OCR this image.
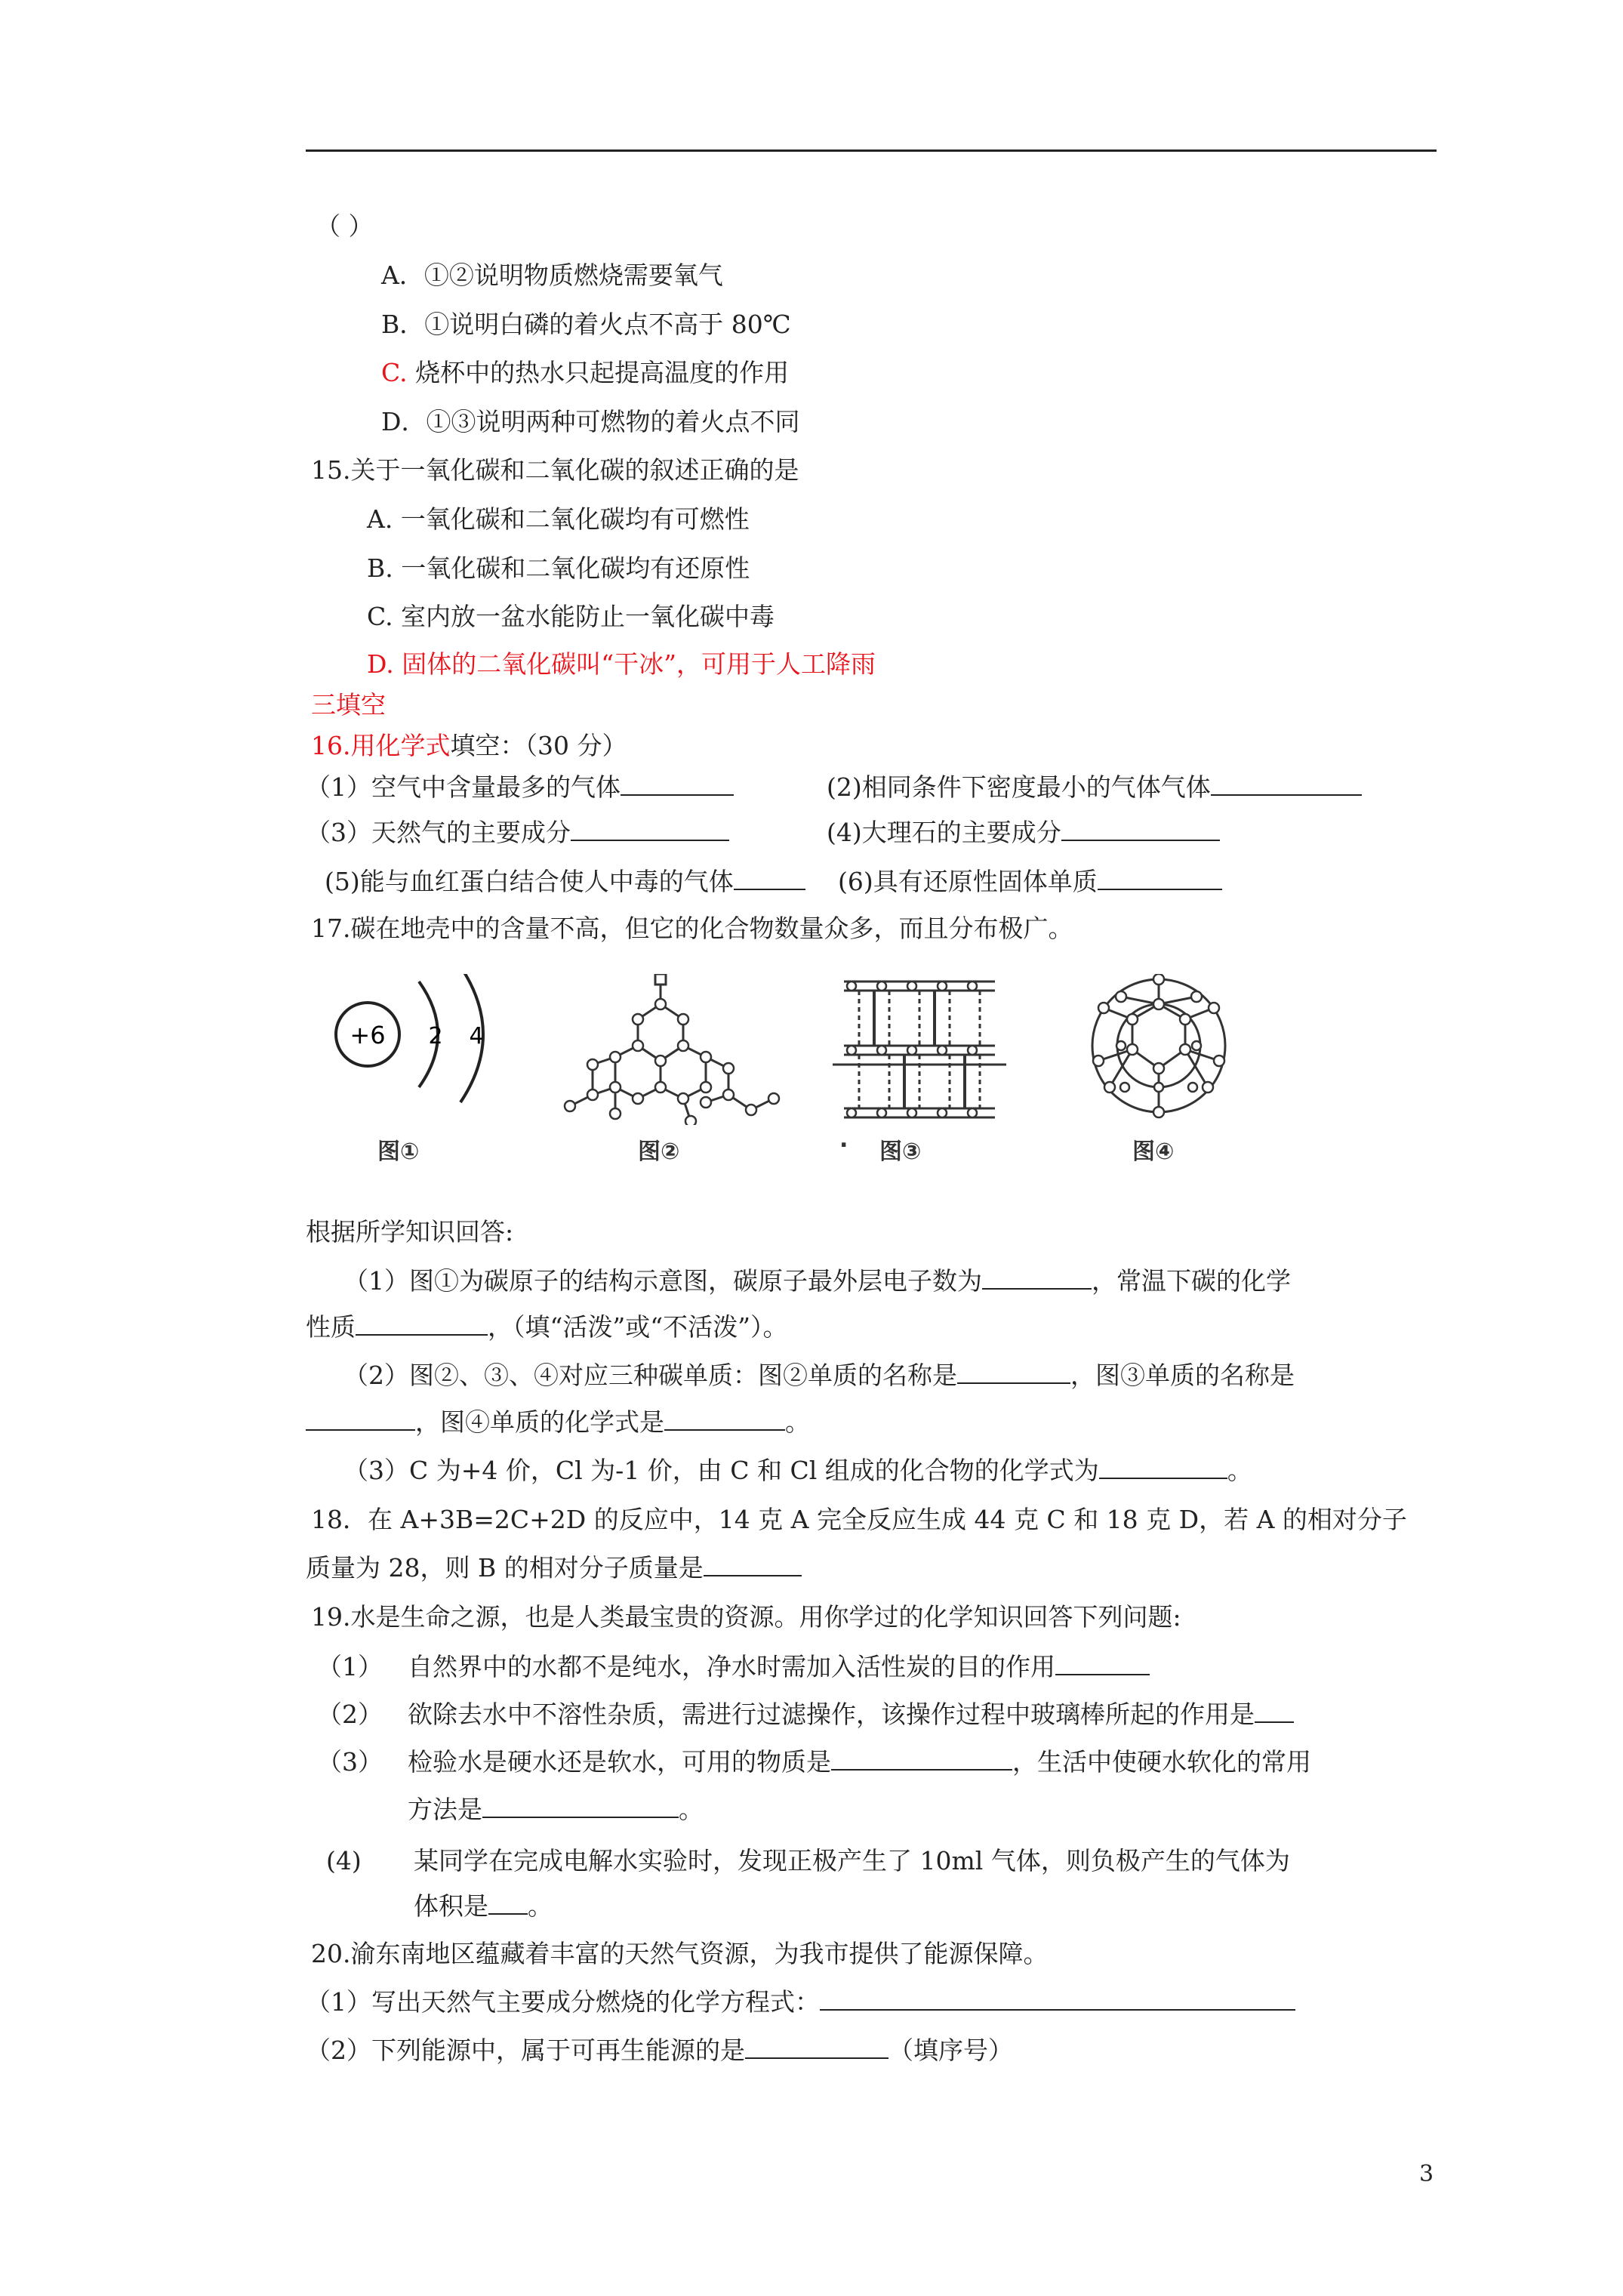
（ ）
A．①②说明物质燃烧需要氧气
B．①说明白磷的着火点不高于 80℃
C. 烧杯中的热水只起提高温度的作用
D．①③说明两种可燃物的着火点不同
15.关于一氧化碳和二氧化碳的叙述正确的是
A. 一氧化碳和二氧化碳均有可燃性
B. 一氧化碳和二氧化碳均有还原性
C. 室内放一盆水能防止一氧化碳中毒
D. 固体的二氧化碳叫“干冰”，可用于人工降雨
三填空
16.用化学式填空：（30 分）
（1）空气中含量最多的气体	(2)相同条件下密度最小的气体气体
（3）天然气的主要成分	(4)大理石的主要成分
(5)能与血红蛋白结合使人中毒的气体	(6)具有还原性固体单质
17.碳在地壳中的含量不高，但它的化合物数量众多，而且分布极广。
+6 2 4
图①	图②	. 图③	图④
根据所学知识回答:
（1）图①为碳原子的结构示意图，碳原子最外层电子数为	，常温下碳的化学
性质	，（填“活泼”或“不活泼”）。
（2）图②、③、④对应三种碳单质：图②单质的名称是	，图③单质的名称是
，图④单质的化学式是	。
（3）C 为+4 价，Cl 为-1 价，由 C 和 Cl 组成的化合物的化学式为	。
18．在 A+3B=2C+2D 的反应中，14 克 A 完全反应生成 44 克 C 和 18 克 D，若 A 的相对分子
质量为 28，则 B 的相对分子质量是
19.水是生命之源，也是人类最宝贵的资源。用你学过的化学知识回答下列问题:
（1） 自然界中的水都不是纯水，净水时需加入活性炭的目的作用
（2） 欲除去水中不溶性杂质，需进行过滤操作，该操作过程中玻璃棒所起的作用是
（3） 检验水是硬水还是软水，可用的物质是	，生活中使硬水软化的常用
方法是	。
(4) 某同学在完成电解水实验时，发现正极产生了 10ml 气体，则负极产生的气体为
体积是 。
20.渝东南地区蕴藏着丰富的天然气资源，为我市提供了能源保障。
（1）写出天然气主要成分燃烧的化学方程式：
（2）下列能源中，属于可再生能源的是	（填序号）
3
